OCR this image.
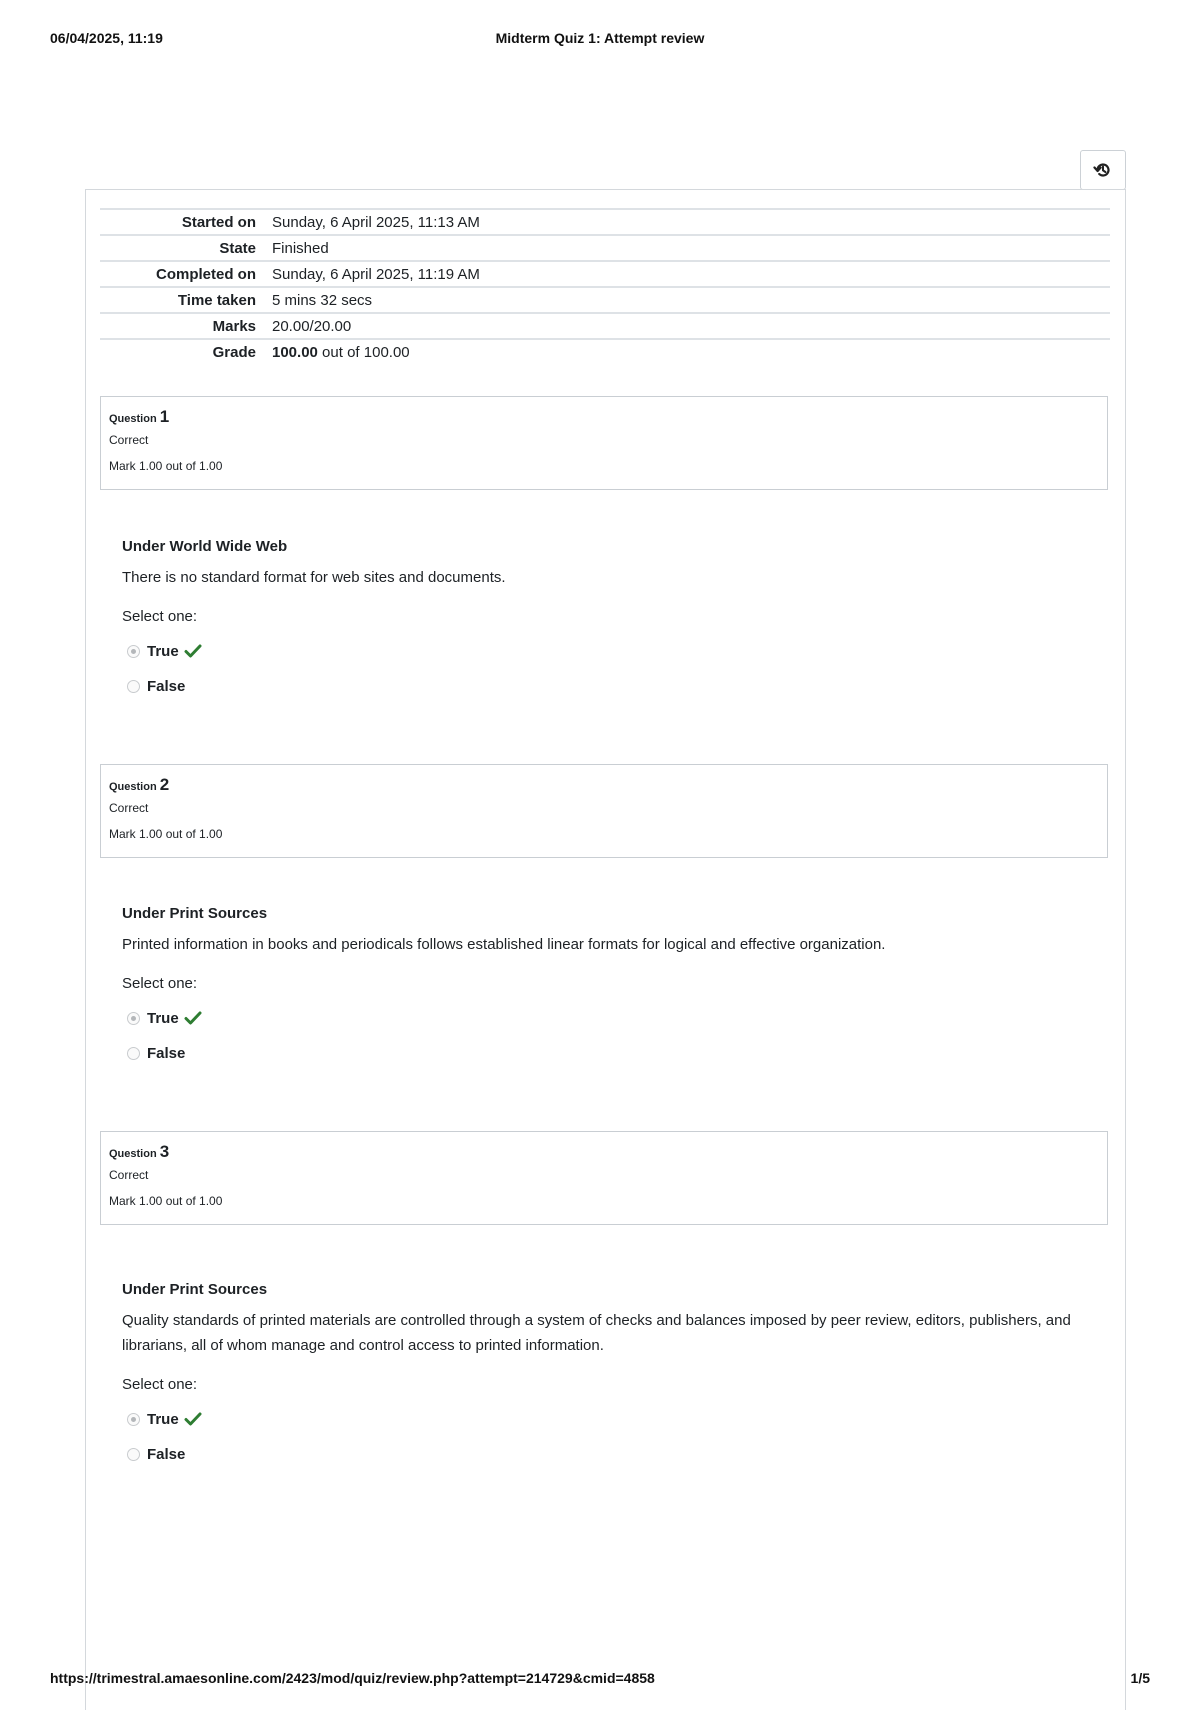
06/04/2025, 11:19	Midterm Quiz 1: Attempt review
Started on	Sunday, 6 April 2025, 11:13 AM
State	Finished
Completed on	Sunday, 6 April 2025, 11:19 AM
Time taken	5 mins 32 secs
Marks	20.00/20.00
Grade	100.00 out of 100.00
Question 1
Correct
Mark 1.00 out of 1.00
Under World Wide Web
There is no standard format for web sites and documents.
Select one:
True
False
Question 2
Correct
Mark 1.00 out of 1.00
Under Print Sources
Printed information in books and periodicals follows established linear formats for logical and effective organization.
Select one:
True
False
Question 3
Correct
Mark 1.00 out of 1.00
Under Print Sources
Quality standards of printed materials are controlled through a system of checks and balances imposed by peer review, editors, publishers, and librarians, all of whom manage and control access to printed information.
Select one:
True
False
https://trimestral.amaesonline.com/2423/mod/quiz/review.php?attempt=214729&cmid=4858	1/5
